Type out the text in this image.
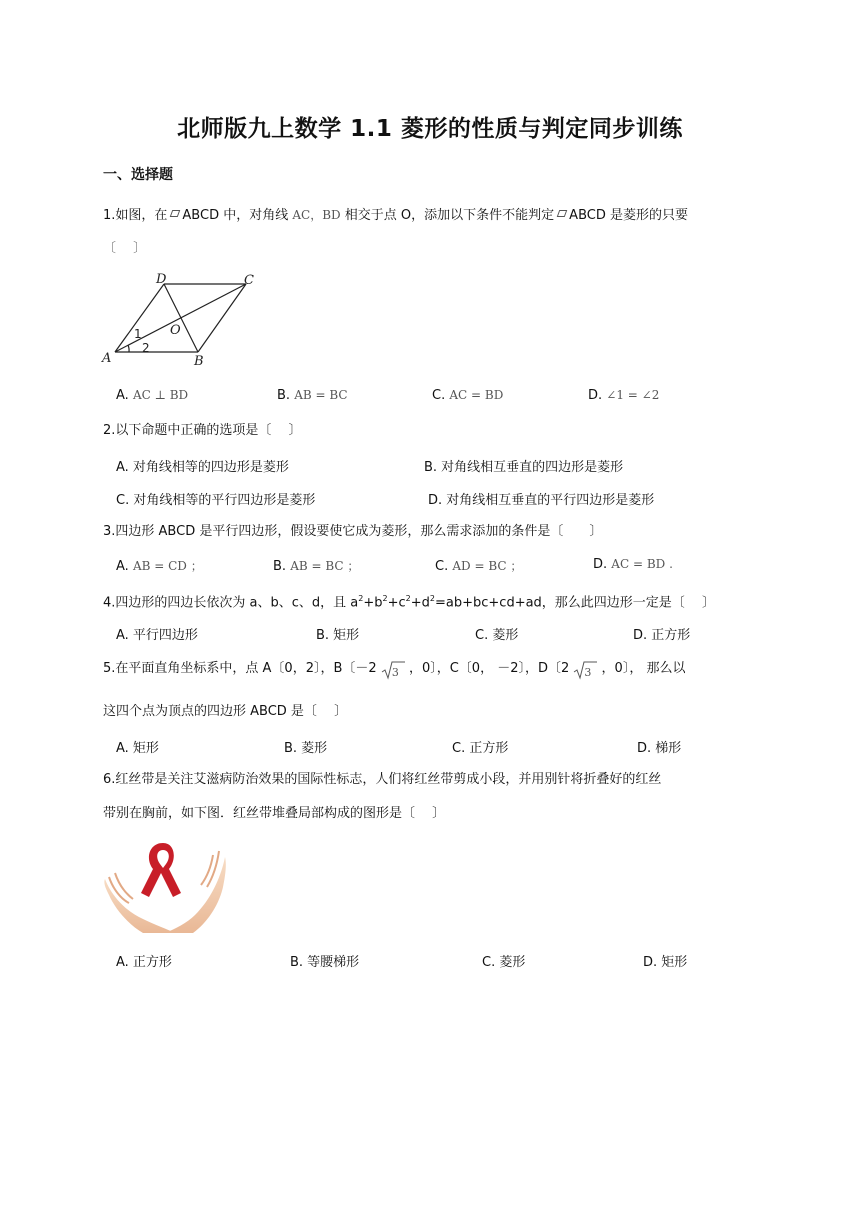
北师版九上数学 1.1 菱形的性质与判定同步训练
一、选择题
1.如图，在 ABCD 中，对角线 AC，BD 相交于点 O，添加以下条件不能判定 ABCD 是菱形的只要
〔　 〕
D	C
A	B
O
1
2
A. AC ⊥ BD	B. AB = BC	C. AC = BD	D. ∠1 = ∠2
2.以下命题中正确的选项是〔　 〕
A. 对角线相等的四边形是菱形	B. 对角线相互垂直的四边形是菱形
C. 对角线相等的平行四边形是菱形	D. 对角线相互垂直的平行四边形是菱形
3.四边形 ABCD 是平行四边形，假设要使它成为菱形，那么需求添加的条件是〔　　〕
A. AB = CD ；	B. AB = BC ；	C. AD = BC ；	D. AC = BD .
4.四边形的四边长依次为 a、b、c、d，且 $a^2+b^2+c^2+d^2=ab+bc+cd+ad$，那么此四边形一定是〔　 〕
A. 平行四边形	B. 矩形	C. 菱形	D. 正方形
5.在平面直角坐标系中，点 A〔0，2〕，B〔－2 3 ，0〕，C〔0， －2〕，D〔2 3 ，0〕， 那么以
这四个点为顶点的四边形 ABCD 是〔　 〕
A. 矩形	B. 菱形	C. 正方形	D. 梯形
6.红丝带是关注艾滋病防治效果的国际性标志，人们将红丝带剪成小段，并用别针将折叠好的红丝
带别在胸前，如下图．红丝带堆叠局部构成的图形是〔　 〕
A. 正方形	B. 等腰梯形	C. 菱形	D. 矩形
